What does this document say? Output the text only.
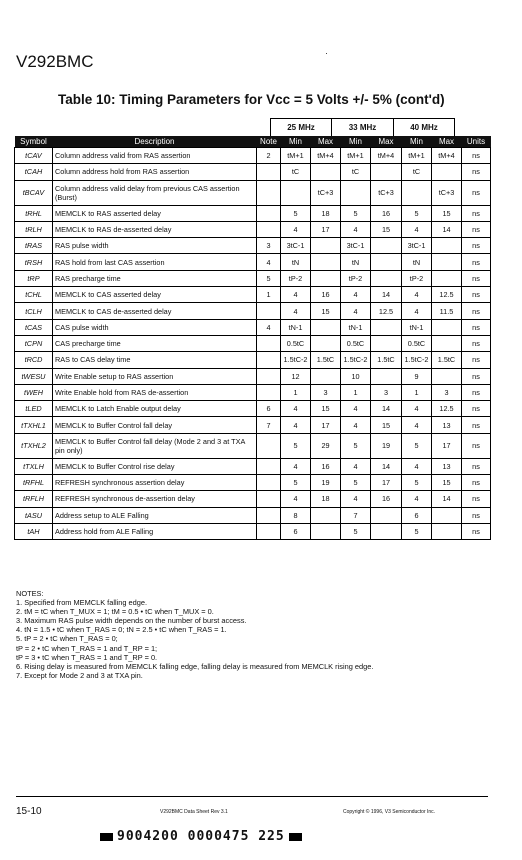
V292BMC
Table 10: Timing Parameters for Vcc = 5 Volts +/- 5% (cont'd)
25 MHz	33 MHz	40 MHz
Symbol	Description	Note	Min	Max	Min	Max	Min	Max	Units
tCAV	Column address valid from RAS assertion	2	tM+1	tM+4	tM+1	tM+4	tM+1	tM+4	ns
tCAH	Column address hold from RAS assertion		tC		tC		tC		ns
tBCAV	Column address valid delay from previous CAS assertion (Burst)			tC+3		tC+3		tC+3	ns
tRHL	MEMCLK to RAS asserted delay		5	18	5	16	5	15	ns
tRLH	MEMCLK to RAS de-asserted delay		4	17	4	15	4	14	ns
tRAS	RAS pulse width	3	3tC-1		3tC-1		3tC-1		ns
tRSH	RAS hold from last CAS assertion	4	tN		tN		tN		ns
tRP	RAS precharge time	5	tP-2		tP-2		tP-2		ns
tCHL	MEMCLK to CAS asserted delay	1	4	16	4	14	4	12.5	ns
tCLH	MEMCLK to CAS de-asserted delay		4	15	4	12.5	4	11.5	ns
tCAS	CAS pulse width	4	tN-1		tN-1		tN-1		ns
tCPN	CAS precharge time		0.5tC		0.5tC		0.5tC		ns
tRCD	RAS to CAS delay time		1.5tC-2	1.5tC	1.5tC-2	1.5tC	1.5tC-2	1.5tC	ns
tWESU	Write Enable setup to RAS assertion		12		10		9		ns
tWEH	Write Enable hold from RAS de-assertion		1	3	1	3	1	3	ns
tLED	MEMCLK to Latch Enable output delay	6	4	15	4	14	4	12.5	ns
tTXHL1	MEMCLK to Buffer Control fall delay	7	4	17	4	15	4	13	ns
tTXHL2	MEMCLK to Buffer Control fall delay (Mode 2 and 3 at TXA pin only)		5	29	5	19	5	17	ns
tTXLH	MEMCLK to Buffer Control rise delay		4	16	4	14	4	13	ns
tRFHL	REFRESH synchronous assertion delay		5	19	5	17	5	15	ns
tRFLH	REFRESH synchronous de-assertion delay		4	18	4	16	4	14	ns
tASU	Address setup to ALE Falling		8		7		6		ns
tAH	Address hold from ALE Falling		6		5		5		ns
NOTES:
1. Specified from MEMCLK falling edge.
2. tM = tC when T_MUX = 1; tM = 0.5 • tC when T_MUX = 0.
3. Maximum RAS pulse width depends on the number of burst access.
4. tN = 1.5 • tC when T_RAS = 0; tN = 2.5 • tC when T_RAS = 1.
5. tP = 2 • tC when T_RAS = 0;
tP = 2 • tC when T_RAS = 1 and T_RP = 1;
tP = 3 • tC when T_RAS = 1 and T_RP = 0.
6. Rising delay is measured from MEMCLK falling edge, falling delay is measured from MEMCLK rising edge.
7. Except for Mode 2 and 3 at TXA pin.
15-10	V292BMC Data Sheet Rev 3.1	Copyright © 1996, V3 Semiconductor Inc.
9004200 0000475 225
